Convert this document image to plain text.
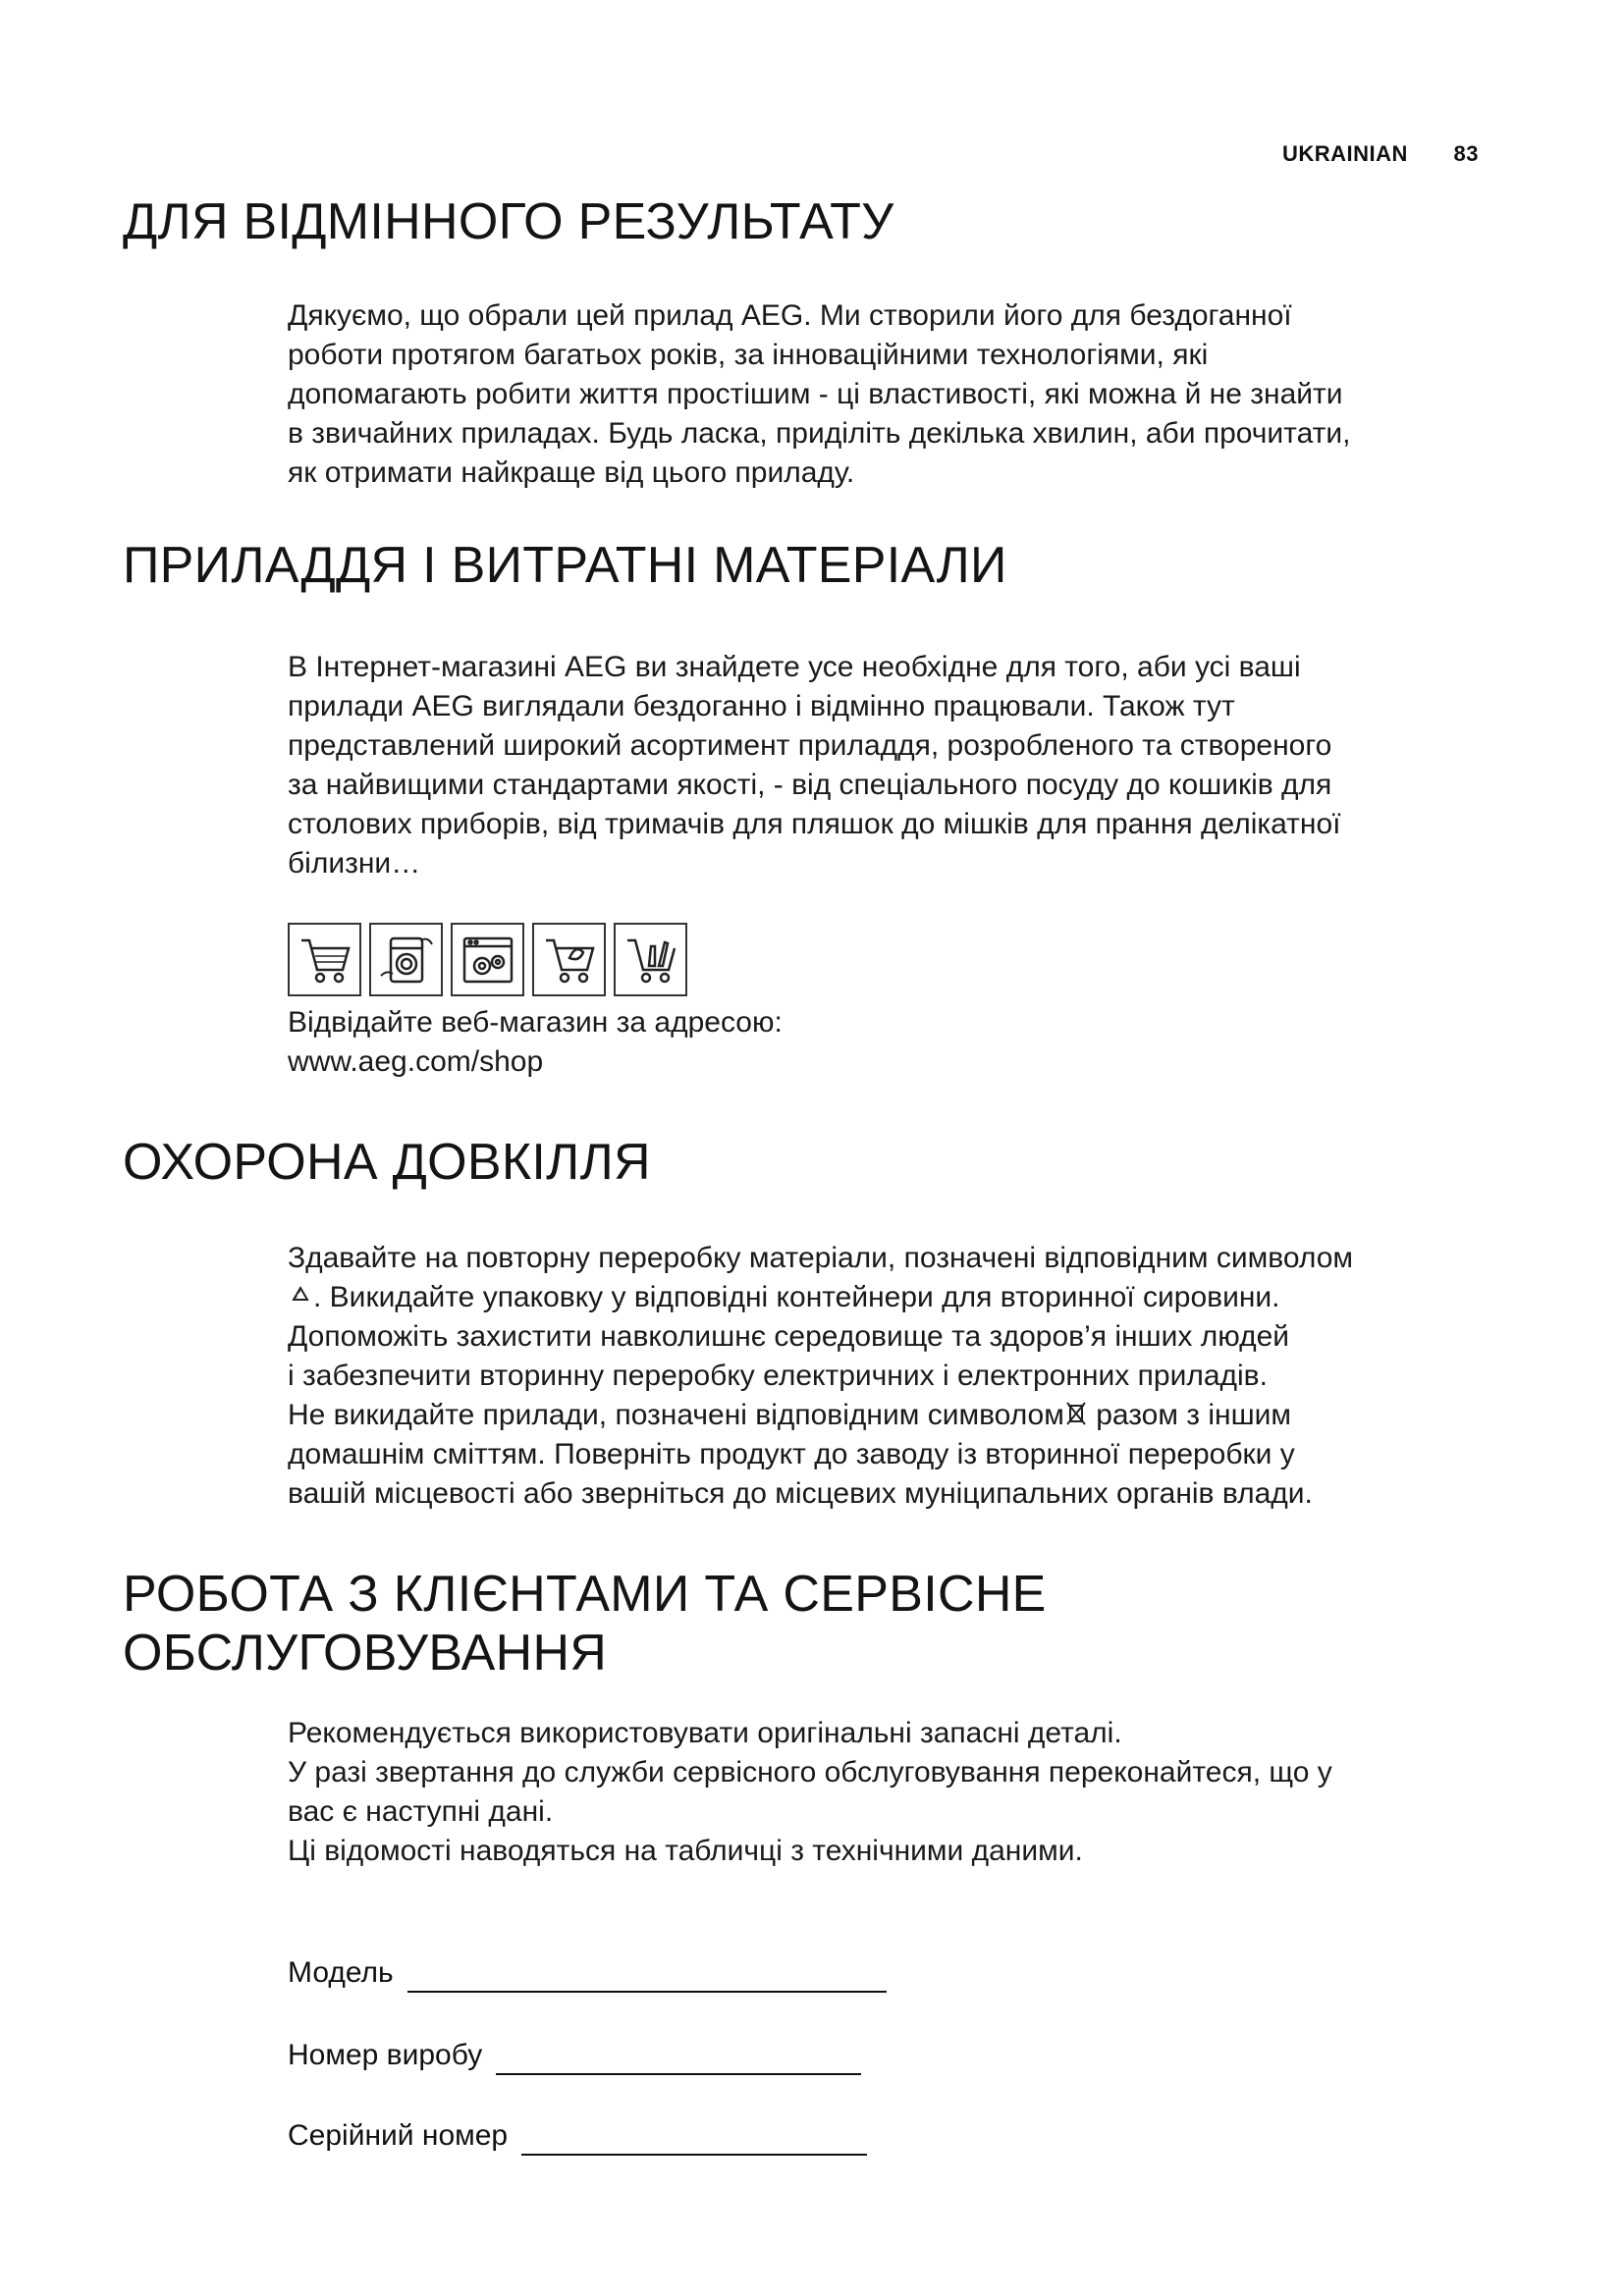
UKRAINIAN 83
ДЛЯ ВІДМІННОГО РЕЗУЛЬТАТУ
Дякуємо, що обрали цей прилад AEG. Ми створили його для бездоганної
роботи протягом багатьох років, за інноваційними технологіями, які
допомагають робити життя простішим - ці властивості, які можна й не знайти
в звичайних приладах. Будь ласка, приділіть декілька хвилин, аби прочитати,
як отримати найкраще від цього приладу.
ПРИЛАДДЯ І ВИТРАТНІ МАТЕРІАЛИ
В Інтернет-магазині AEG ви знайдете усе необхідне для того, аби усі ваші
прилади AEG виглядали бездоганно і відмінно працювали. Також тут
представлений широкий асортимент приладдя, розробленого та створеного
за найвищими стандартами якості, - від спеціального посуду до кошиків для
столових приборів, від тримачів для пляшок до мішків для прання делікатної
білизни…
Відвідайте веб-магазин за адресою:
www.aeg.com/shop
ОХОРОНА ДОВКІЛЛЯ
Здавайте на повторну переробку матеріали, позначені відповідним символом
. Викидайте упаковку у відповідні контейнери для вторинної сировини.
Допоможіть захистити навколишнє середовище та здоров’я інших людей
і забезпечити вторинну переробку електричних і електронних приладів.
Не викидайте прилади, позначені відповідним символом разом з іншим
домашнім сміттям. Поверніть продукт до заводу із вторинної переробки у
вашій місцевості або зверніться до місцевих муніципальних органів влади.
РОБОТА З КЛІЄНТАМИ ТА СЕРВІСНЕ
ОБСЛУГОВУВАННЯ
Рекомендується використовувати оригінальні запасні деталі.
У разі звертання до служби сервісного обслуговування переконайтеся, що у
вас є наступні дані.
Ці відомості наводяться на табличці з технічними даними.
Модель
Номер виробу
Серійний номер
